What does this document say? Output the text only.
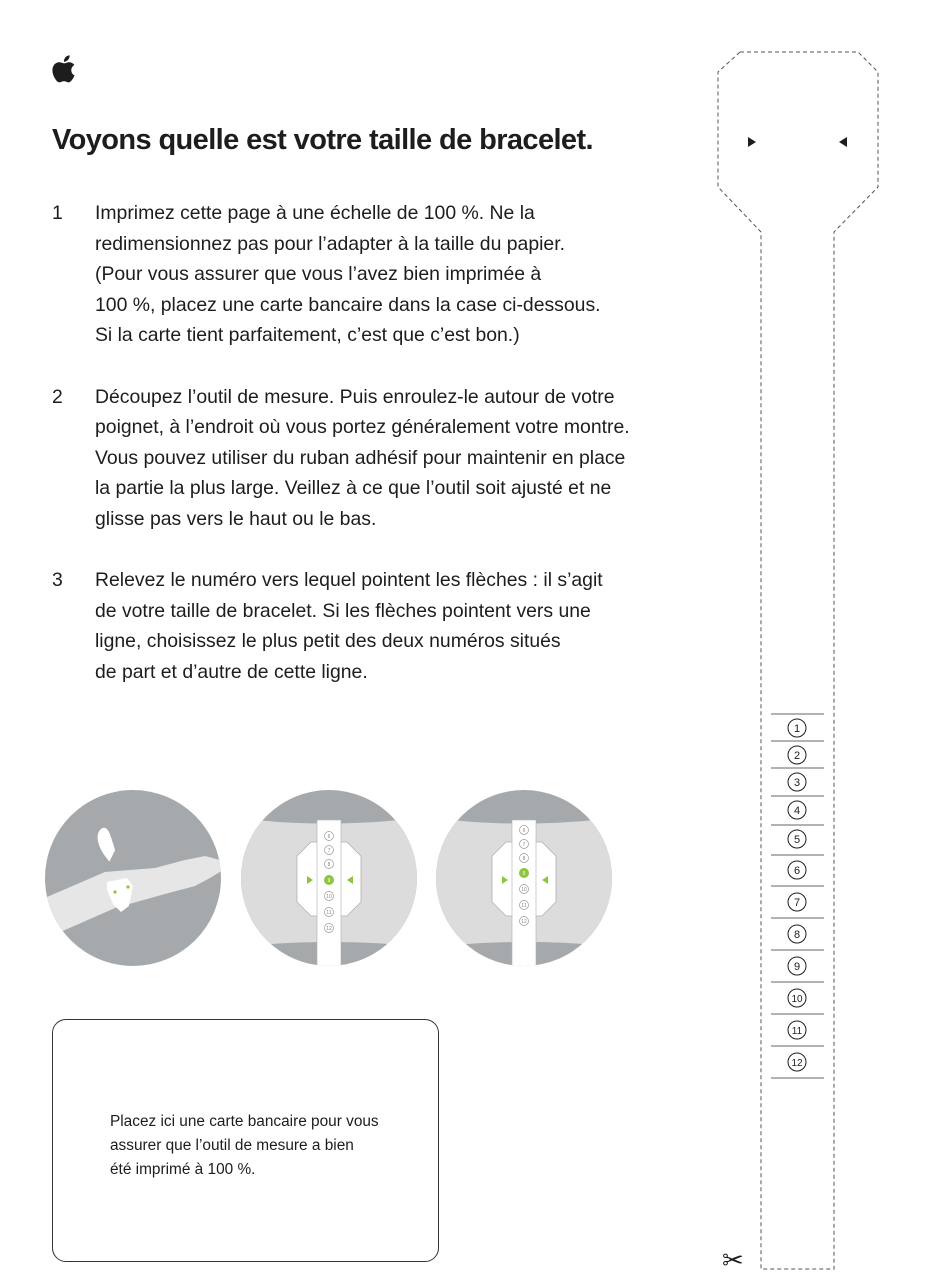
Voyons quelle est votre taille de bracelet.
1	Imprimez cette page à une échelle de 100 %. Ne la
redimensionnez pas pour l’adapter à la taille du papier.
(Pour vous assurer que vous l’avez bien imprimée à
100 %, placez une carte bancaire dans la case ci-dessous.
Si la carte tient parfaitement, c’est que c’est bon.)
2	Découpez l’outil de mesure. Puis enroulez-le autour de votre
poignet, à l’endroit où vous portez généralement votre montre.
Vous pouvez utiliser du ruban adhésif pour maintenir en place
la partie la plus large. Veillez à ce que l’outil soit ajusté et ne
glisse pas vers le haut ou le bas.
3	Relevez le numéro vers lequel pointent les flèches : il s’agit
de votre taille de bracelet. Si les flèches pointent vers une
ligne, choisissez le plus petit des deux numéros situés
de part et d’autre de cette ligne.
6
7
8
9
10
11
12
6
7
8
9
10
11
12
Placez ici une carte bancaire pour vous
assurer que l’outil de mesure a bien
été imprimé à 100 %.
1
2
3
4
5
6
7
8
9
10
11
12
✂
